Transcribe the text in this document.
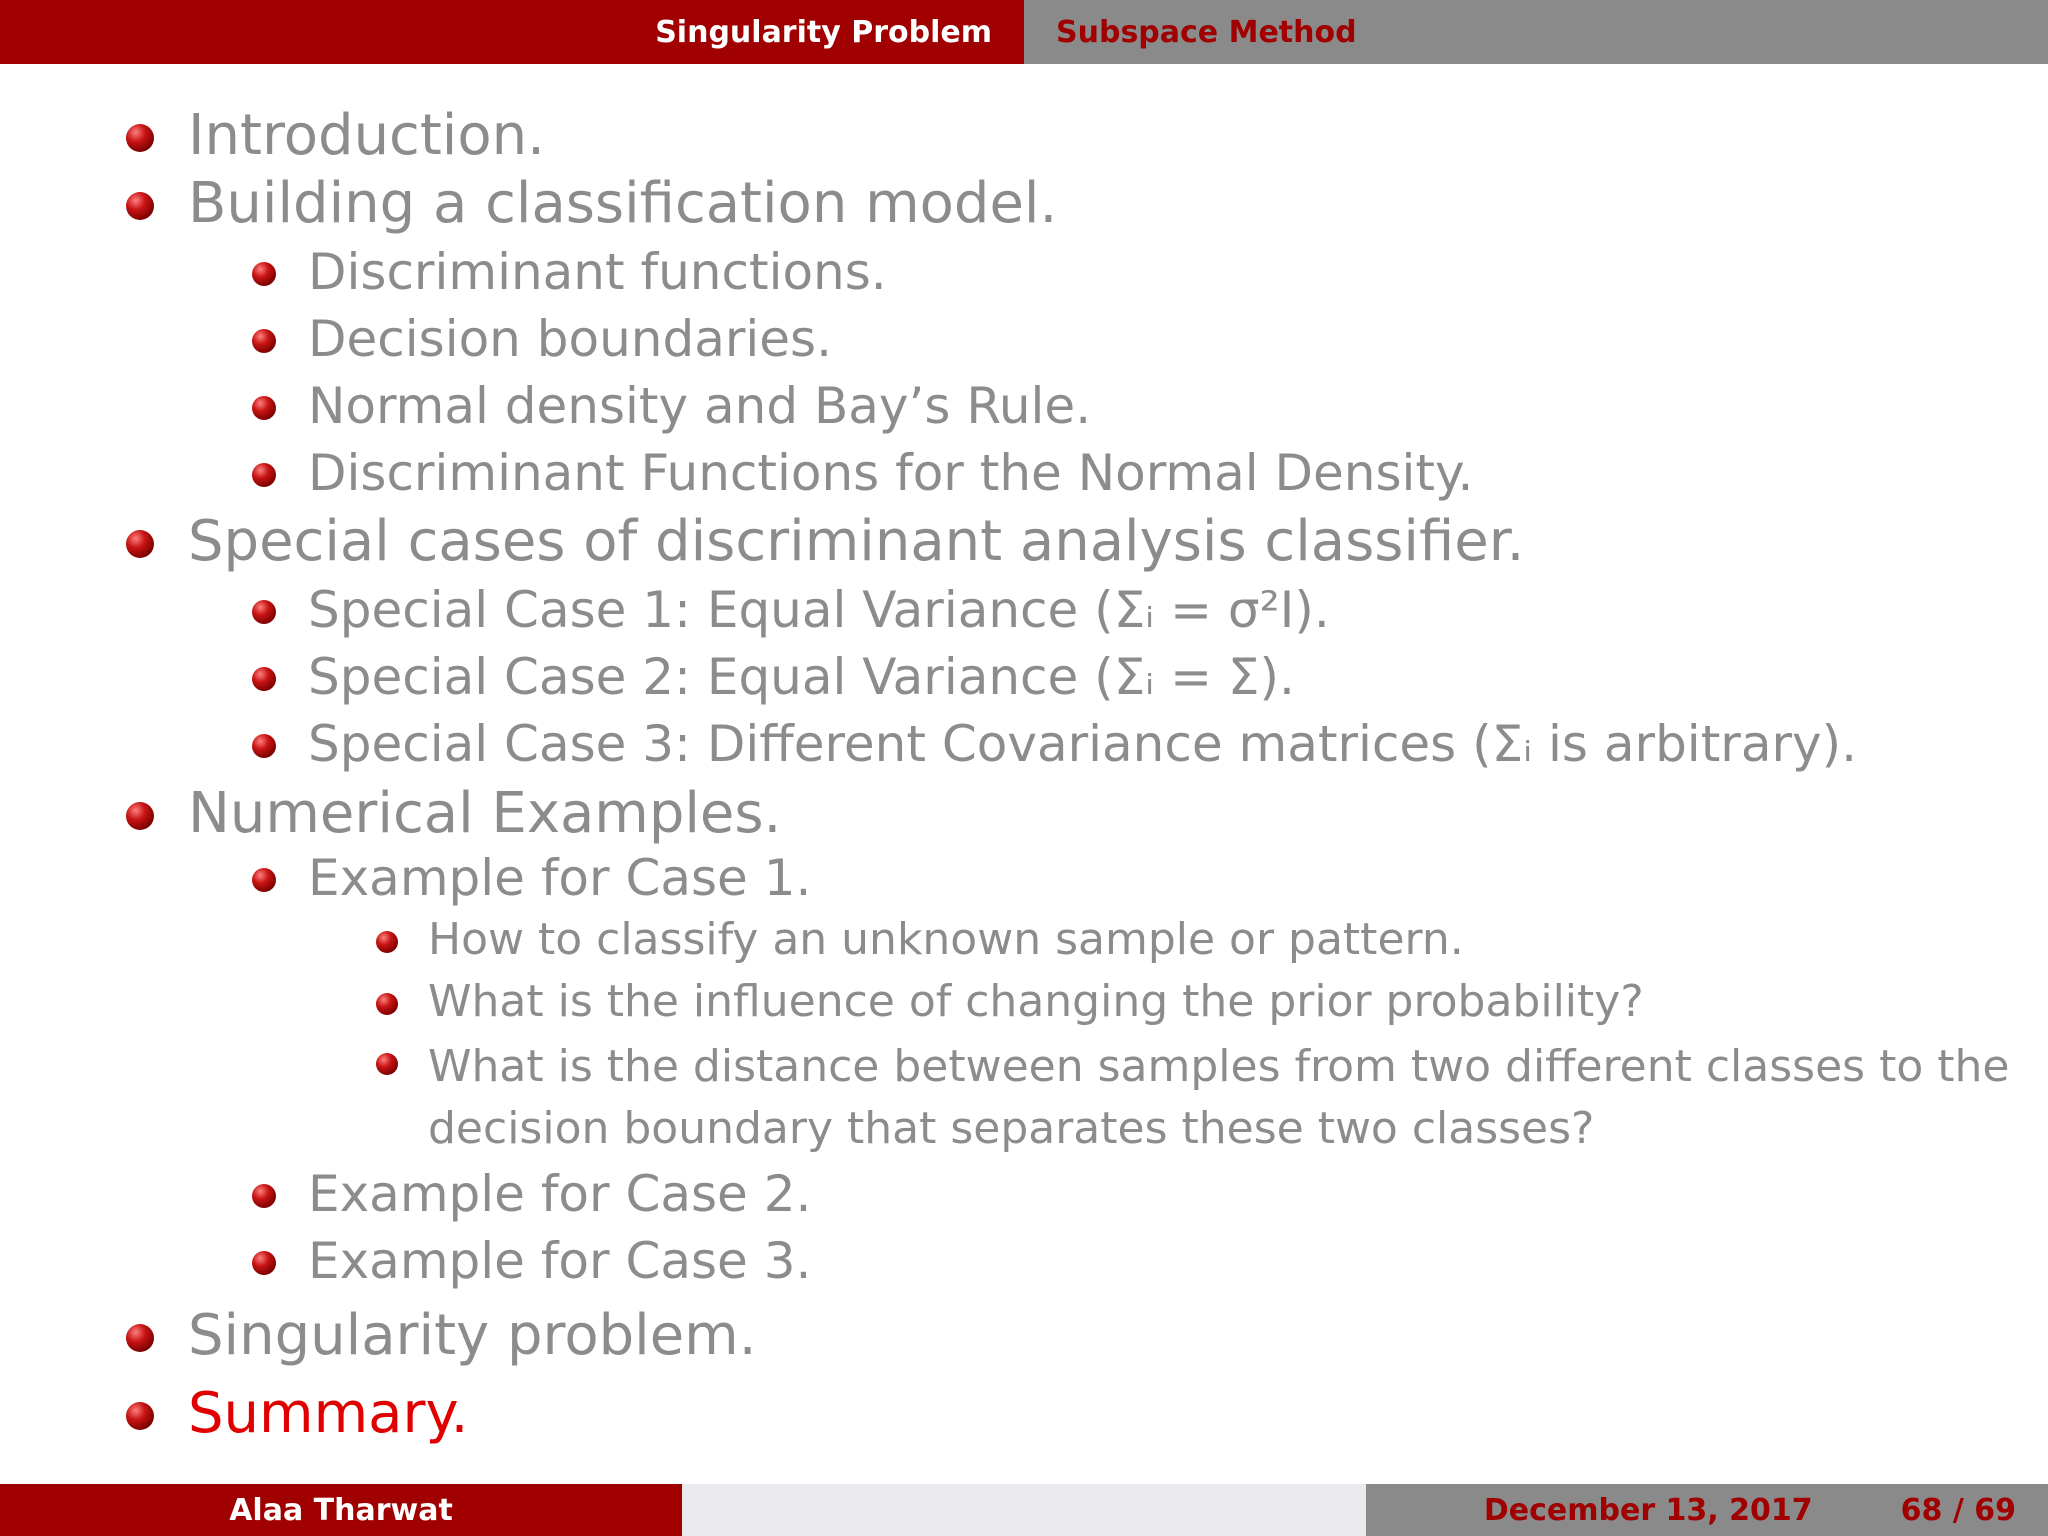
Singularity Problem Subspace Method
Introduction.
Building a classification model.
Discriminant functions.
Decision boundaries.
Normal density and Bay’s Rule.
Discriminant Functions for the Normal Density.
Special cases of discriminant analysis classifier.
Special Case 1: Equal Variance (Σᵢ = σ²I).
Special Case 2: Equal Variance (Σᵢ = Σ).
Special Case 3: Different Covariance matrices (Σᵢ is arbitrary).
Numerical Examples.
Example for Case 1.
How to classify an unknown sample or pattern.
What is the influence of changing the prior probability?
What is the distance between samples from two different classes to the decision boundary that separates these two classes?
Example for Case 2.
Example for Case 3.
Singularity problem.
Summary.
Alaa Tharwat	December 13, 2017	68 / 69
